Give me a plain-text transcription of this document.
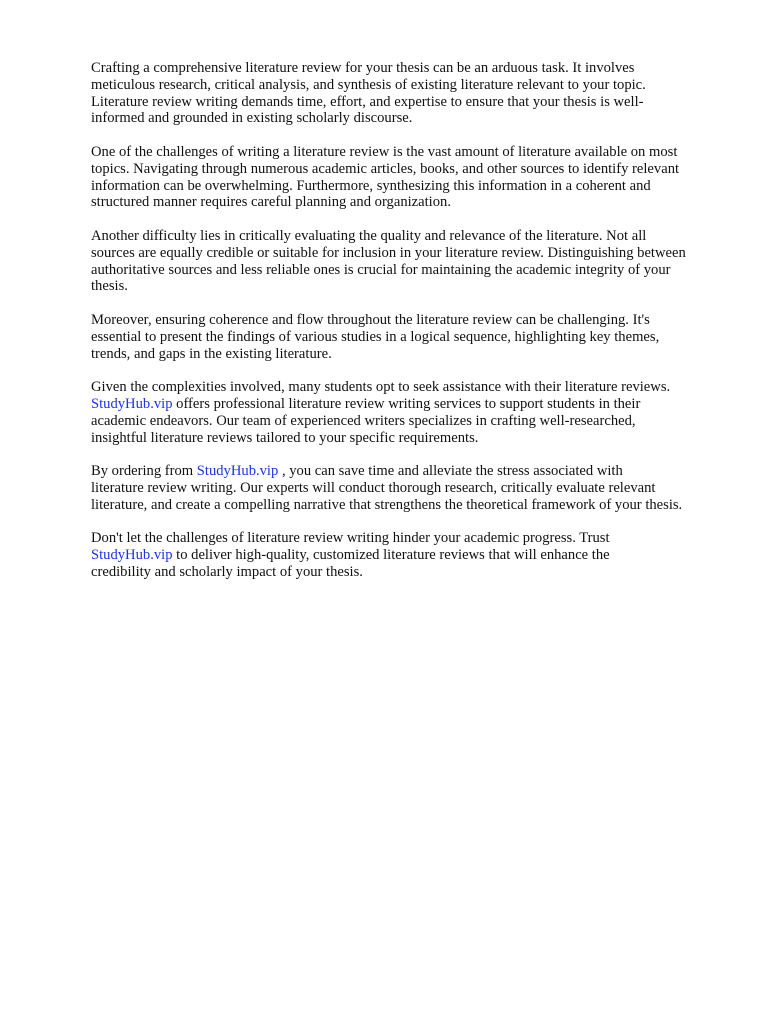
Crafting a comprehensive literature review for your thesis can be an arduous task. It involves
meticulous research, critical analysis, and synthesis of existing literature relevant to your topic.
Literature review writing demands time, effort, and expertise to ensure that your thesis is well-
informed and grounded in existing scholarly discourse.

One of the challenges of writing a literature review is the vast amount of literature available on most
topics. Navigating through numerous academic articles, books, and other sources to identify relevant
information can be overwhelming. Furthermore, synthesizing this information in a coherent and
structured manner requires careful planning and organization.

Another difficulty lies in critically evaluating the quality and relevance of the literature. Not all
sources are equally credible or suitable for inclusion in your literature review. Distinguishing between
authoritative sources and less reliable ones is crucial for maintaining the academic integrity of your
thesis.

Moreover, ensuring coherence and flow throughout the literature review can be challenging. It's
essential to present the findings of various studies in a logical sequence, highlighting key themes,
trends, and gaps in the existing literature.

Given the complexities involved, many students opt to seek assistance with their literature reviews.
StudyHub.vip offers professional literature review writing services to support students in their
academic endeavors. Our team of experienced writers specializes in crafting well-researched,
insightful literature reviews tailored to your specific requirements.

By ordering from StudyHub.vip , you can save time and alleviate the stress associated with
literature review writing. Our experts will conduct thorough research, critically evaluate relevant
literature, and create a compelling narrative that strengthens the theoretical framework of your thesis.

Don't let the challenges of literature review writing hinder your academic progress. Trust
StudyHub.vip to deliver high-quality, customized literature reviews that will enhance the
credibility and scholarly impact of your thesis.
